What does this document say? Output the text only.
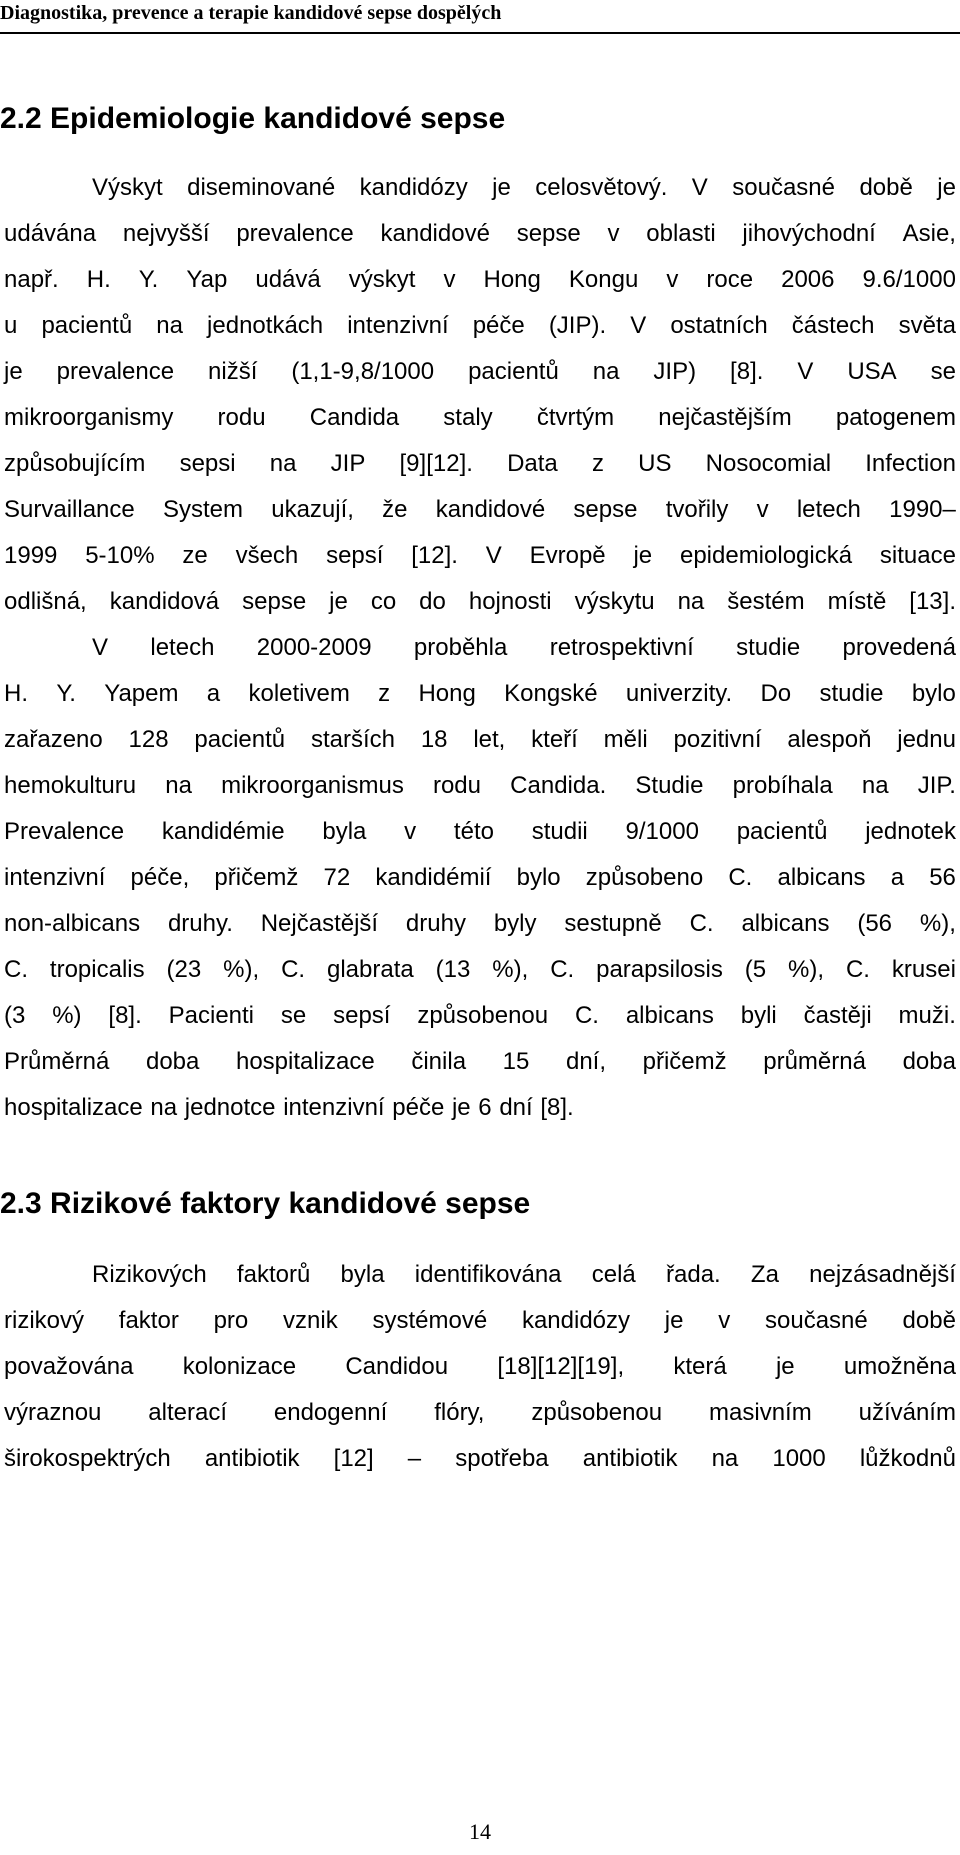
Diagnostika, prevence a terapie kandidové sepse dospělých
2.2 Epidemiologie kandidové sepse
Výskyt diseminované kandidózy je celosvětový. V současné době je
udávána nejvyšší prevalence kandidové sepse v oblasti jihovýchodní Asie,
např. H. Y. Yap udává výskyt v Hong Kongu v roce 2006 9.6/1000
u pacientů na jednotkách intenzivní péče (JIP). V ostatních částech světa
je prevalence nižší (1,1-9,8/1000 pacientů na JIP) [8]. V USA se
mikroorganismy rodu Candida staly čtvrtým nejčastějším patogenem
způsobujícím sepsi na JIP [9][12]. Data z US Nosocomial Infection
Survaillance System ukazují, že kandidové sepse tvořily v letech 1990–
1999 5-10% ze všech sepsí [12]. V Evropě je epidemiologická situace
odlišná, kandidová sepse je co do hojnosti výskytu na šestém místě [13].
V letech 2000-2009 proběhla retrospektivní studie provedená
H. Y. Yapem a koletivem z Hong Kongské univerzity. Do studie bylo
zařazeno 128 pacientů starších 18 let, kteří měli pozitivní alespoň jednu
hemokulturu na mikroorganismus rodu Candida. Studie probíhala na JIP.
Prevalence kandidémie byla v této studii 9/1000 pacientů jednotek
intenzivní péče, přičemž 72 kandidémií bylo způsobeno C. albicans a 56
non-albicans druhy. Nejčastější druhy byly sestupně C. albicans (56 %),
C. tropicalis (23 %), C. glabrata (13 %), C. parapsilosis (5 %), C. krusei
(3 %) [8]. Pacienti se sepsí způsobenou C. albicans byli častěji muži.
Průměrná doba hospitalizace činila 15 dní, přičemž průměrná doba
hospitalizace na jednotce intenzivní péče je 6 dní [8].
2.3 Rizikové faktory kandidové sepse
Rizikových faktorů byla identifikována celá řada. Za nejzásadnější
rizikový faktor pro vznik systémové kandidózy je v současné době
považována kolonizace Candidou [18][12][19], která je umožněna
výraznou alterací endogenní flóry, způsobenou masivním užíváním
širokospektrých antibiotik [12] – spotřeba antibiotik na 1000 lůžkodnů
14
